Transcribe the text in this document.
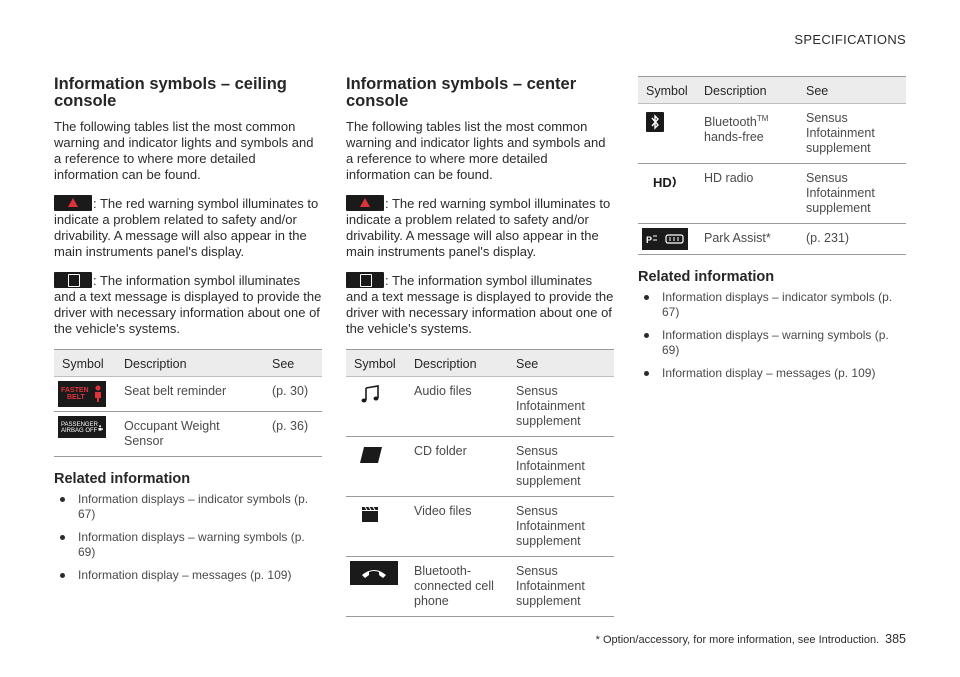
SPECIFICATIONS
Information symbols – ceiling console

The following tables list the most common warning and indicator lights and symbols and a reference to where more detailed information can be found.

: The red warning symbol illuminates to indicate a problem related to safety and/or drivability. A message will also appear in the main instruments panel's display.

: The information symbol illuminates and a text message is displayed to provide the driver with necessary information about one of the vehicle's systems.

Symbol	Description	See

FASTEN
BELT	Seat belt reminder	(p. 30)

PASSENGER
AIRBAG OFF	Occupant Weight Sensor	(p. 36)
Related information
Information displays – indicator symbols (p. 67)
Information displays – warning symbols (p. 69)
Information display – messages (p. 109)
Information symbols – center console

The following tables list the most common warning and indicator lights and symbols and a reference to where more detailed information can be found.

: The red warning symbol illuminates to indicate a problem related to safety and/or drivability. A message will also appear in the main instruments panel's display.

: The information symbol illuminates and a text message is displayed to provide the driver with necessary information about one of the vehicle's systems.

Symbol	Description	See

	Audio files	Sensus Infotainment supplement

	CD folder	Sensus Infotainment supplement

	Video files	Sensus Infotainment supplement

	Bluetooth-connected cell phone	Sensus Infotainment supplement
Symbol	Description	See

	Bluetooth™ hands-free	Sensus Infotainment supplement

HD	HD radio	Sensus Infotainment supplement

P	Park Assist*	(p. 231)
Related information
Information displays – indicator symbols (p. 67)
Information displays – warning symbols (p. 69)
Information display – messages (p. 109)
* Option/accessory, for more information, see Introduction. 385
